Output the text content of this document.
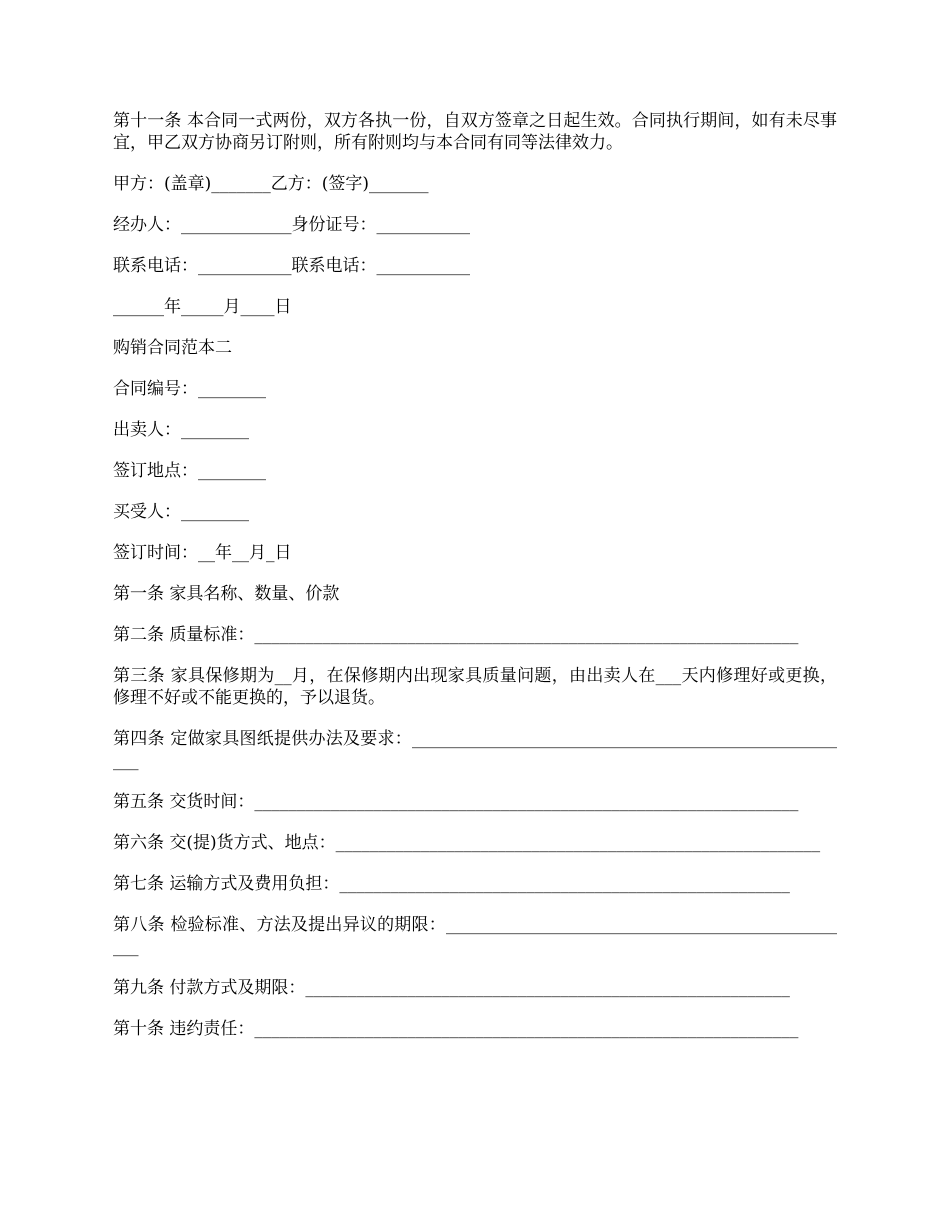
第十一条 本合同一式两份，双方各执一份，自双方签章之日起生效。合同执行期间，如有未尽事宜，甲乙双方协商另订附则，所有附则均与本合同有同等法律效力。

甲方：(盖章)_______乙方：(签字)_______

经办人：_____________身份证号：___________

联系电话：___________联系电话：___________

______年_____月____日

购销合同范本二

合同编号：________

出卖人：________

签订地点：________

买受人：________

签订时间：__年__月_日

第一条 家具名称、数量、价款

第二条 质量标准：________________________________________________________________

第三条 家具保修期为__月，在保修期内出现家具质量问题，由出卖人在___天内修理好或更换，修理不好或不能更换的，予以退货。

第四条 定做家具图纸提供办法及要求：_____________________________________________________

第五条 交货时间：________________________________________________________________

第六条 交(提)货方式、地点：_________________________________________________________

第七条 运输方式及费用负担：_____________________________________________________

第八条 检验标准、方法及提出异议的期限：_________________________________________________

第九条 付款方式及期限：_________________________________________________________

第十条 违约责任：________________________________________________________________
